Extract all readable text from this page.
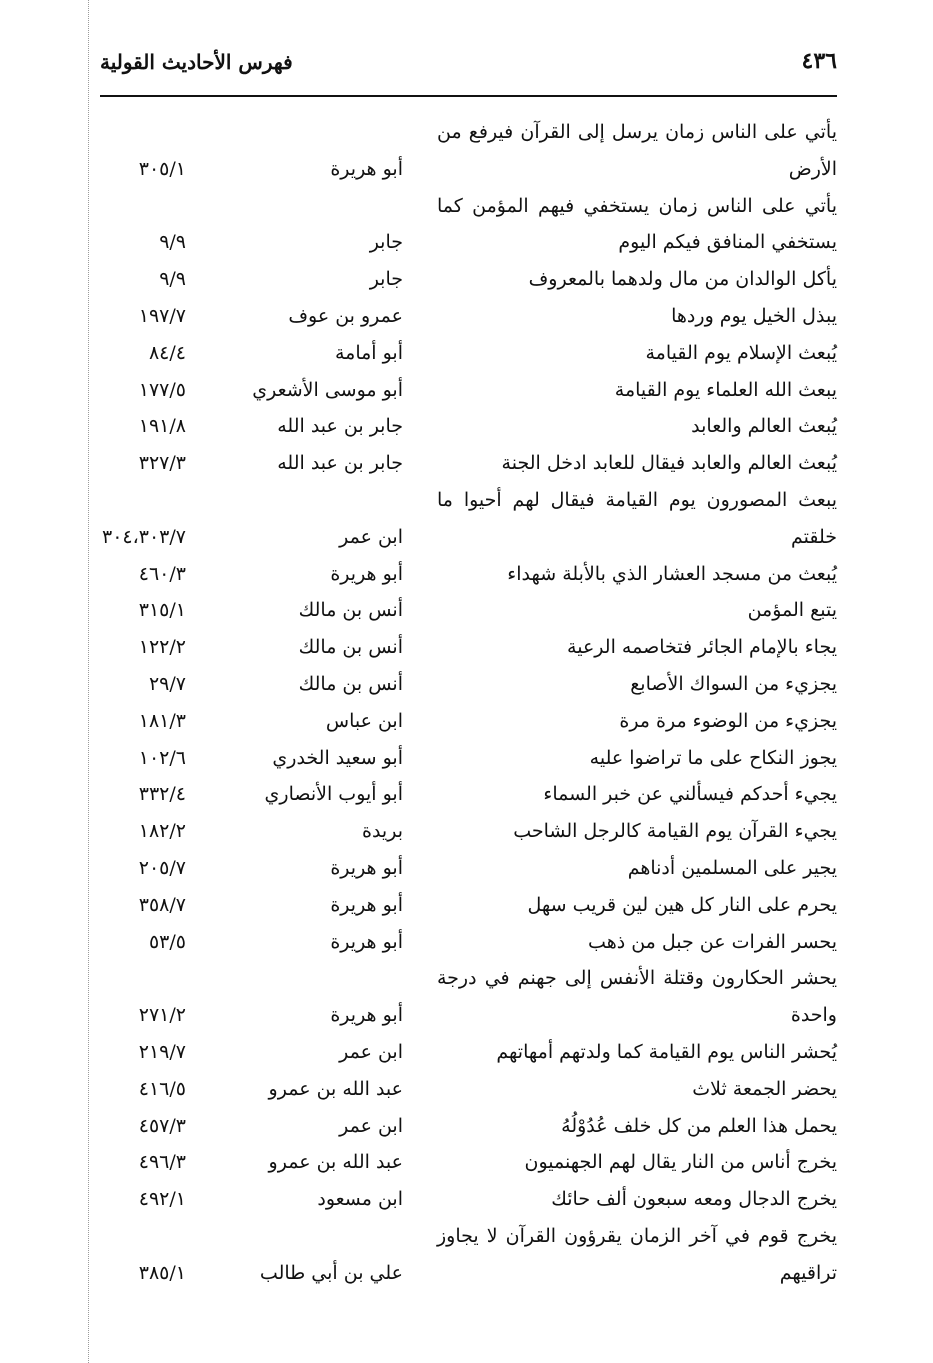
٤٣٦
فهرس الأحاديث القولية
يأتي على الناس زمان يرسل إلى القرآن فيرفع من
الأرض
أبو هريرة
٣٠٥/١
يأتي على الناس زمان يستخفي فيهم المؤمن كما
يستخفي المنافق فيكم اليوم
جابر
٩/٩
يأكل الوالدان من مال ولدهما بالمعروف
جابر
٩/٩
يبذل الخيل يوم وردها
عمرو بن عوف
١٩٧/٧
يُبعث الإسلام يوم القيامة
أبو أمامة
٨٤/٤
يبعث الله العلماء يوم القيامة
أبو موسى الأشعري
١٧٧/٥
يُبعث العالم والعابد
جابر بن عبد الله
١٩١/٨
يُبعث العالم والعابد فيقال للعابد ادخل الجنة
جابر بن عبد الله
٣٢٧/٣
يبعث المصورون يوم القيامة فيقال لهم أحيوا ما
خلقتم
ابن عمر
٣٠٤،٣٠٣/٧
يُبعث من مسجد العشار الذي بالأبلة شهداء
أبو هريرة
٤٦٠/٣
يتبع المؤمن
أنس بن مالك
٣١٥/١
يجاء بالإمام الجائر فتخاصمه الرعية
أنس بن مالك
١٢٢/٢
يجزيء من السواك الأصابع
أنس بن مالك
٢٩/٧
يجزيء من الوضوء مرة مرة
ابن عباس
١٨١/٣
يجوز النكاح على ما تراضوا عليه
أبو سعيد الخدري
١٠٢/٦
يجيء أحدكم فيسألني عن خبر السماء
أبو أيوب الأنصاري
٣٣٢/٤
يجيء القرآن يوم القيامة كالرجل الشاحب
بريدة
١٨٢/٢
يجير على المسلمين أدناهم
أبو هريرة
٢٠٥/٧
يحرم على النار كل هين لين قريب سهل
أبو هريرة
٣٥٨/٧
يحسر الفرات عن جبل من ذهب
أبو هريرة
٥٣/٥
يحشر الحكارون وقتلة الأنفس إلى جهنم في درجة
واحدة
أبو هريرة
٢٧١/٢
يُحشر الناس يوم القيامة كما ولدتهم أمهاتهم
ابن عمر
٢١٩/٧
يحضر الجمعة ثلاث
عبد الله بن عمرو
٤١٦/٥
يحمل هذا العلم من كل خلف عُدُوْلُهُ
ابن عمر
٤٥٧/٣
يخرج أناس من النار يقال لهم الجهنميون
عبد الله بن عمرو
٤٩٦/٣
يخرج الدجال ومعه سبعون ألف حائك
ابن مسعود
٤٩٢/١
يخرج قوم في آخر الزمان يقرؤون القرآن لا يجاوز
تراقيهم
علي بن أبي طالب
٣٨٥/١
